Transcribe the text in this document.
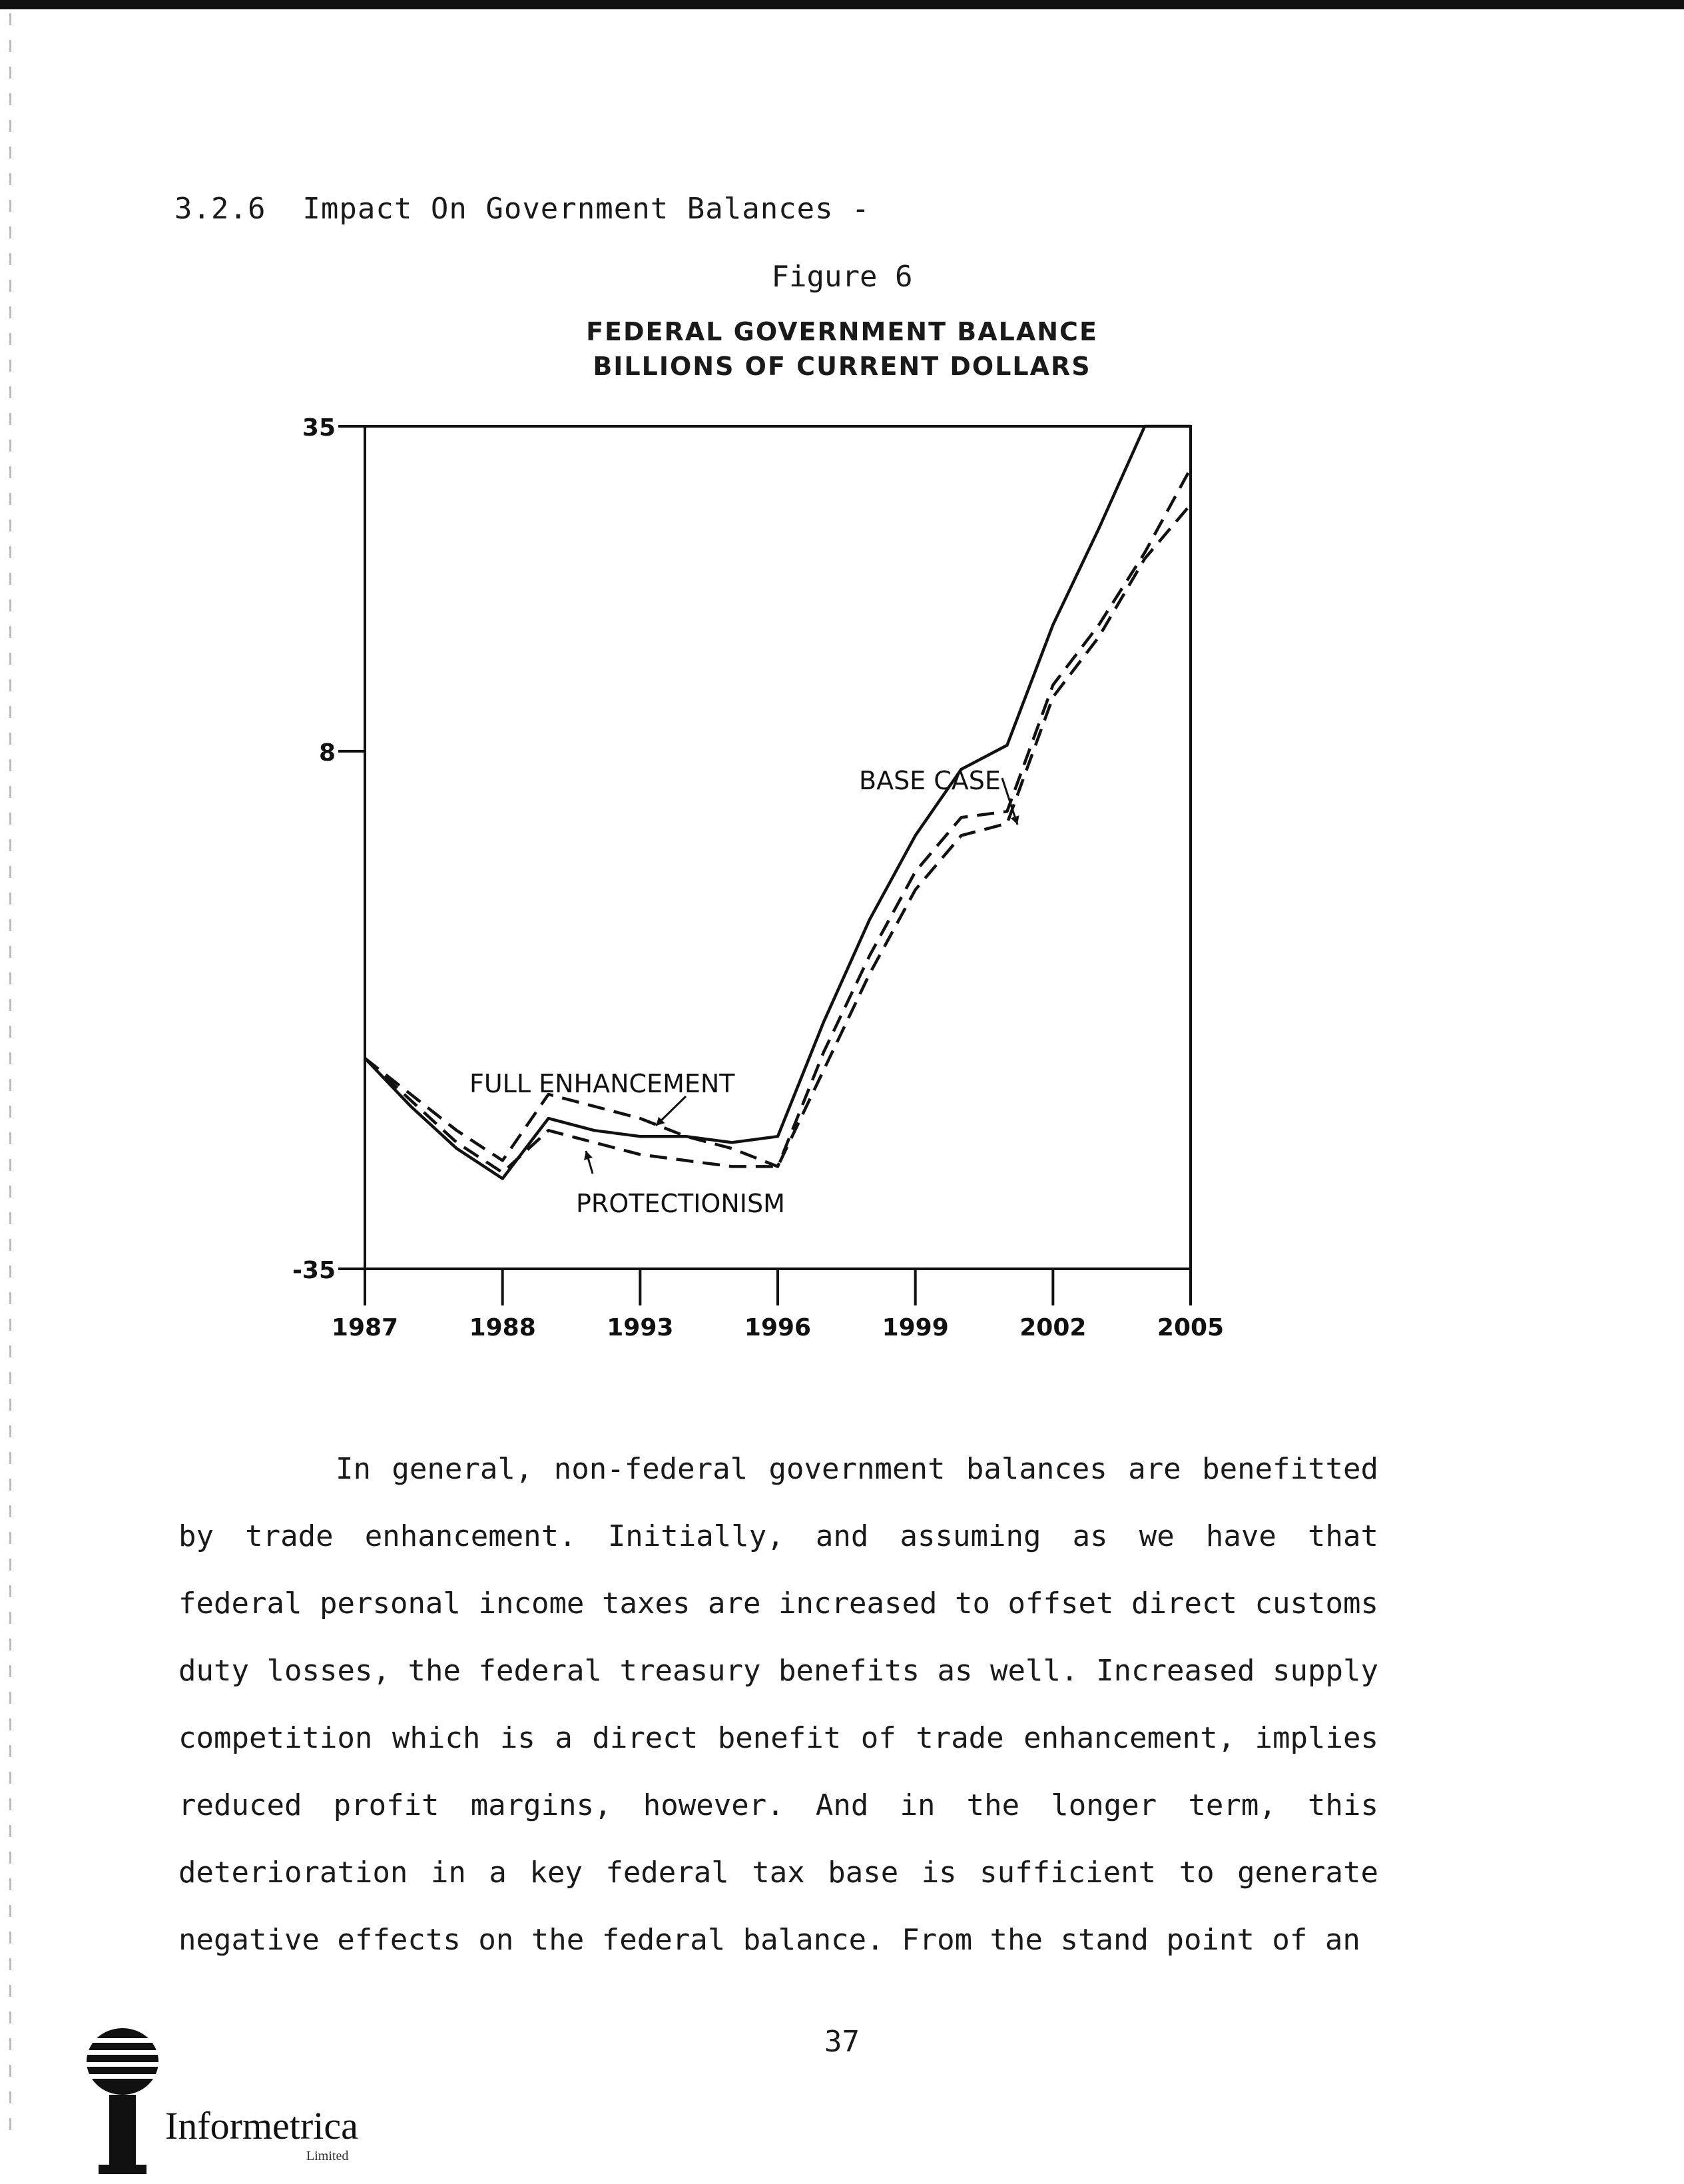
3.2.6  Impact On Government Balances -
Figure 6
FEDERAL GOVERNMENT BALANCE
BILLIONS OF CURRENT DOLLARS
35
8
-35
1987	1988	1993	1996	1999	2002	2005
BASE CASE
FULL ENHANCEMENT
PROTECTIONISM

In general, non-federal government balances are benefitted by trade enhancement. Initially, and assuming as we have that federal personal income taxes are increased to offset direct customs duty losses, the federal treasury benefits as well. Increased supply competition which is a direct benefit of trade enhancement, implies reduced profit margins, however. And in the longer term, this deterioration in a key federal tax base is sufficient to generate negative effects on the federal balance. From the stand point of an

37
Informetrica
Limited
